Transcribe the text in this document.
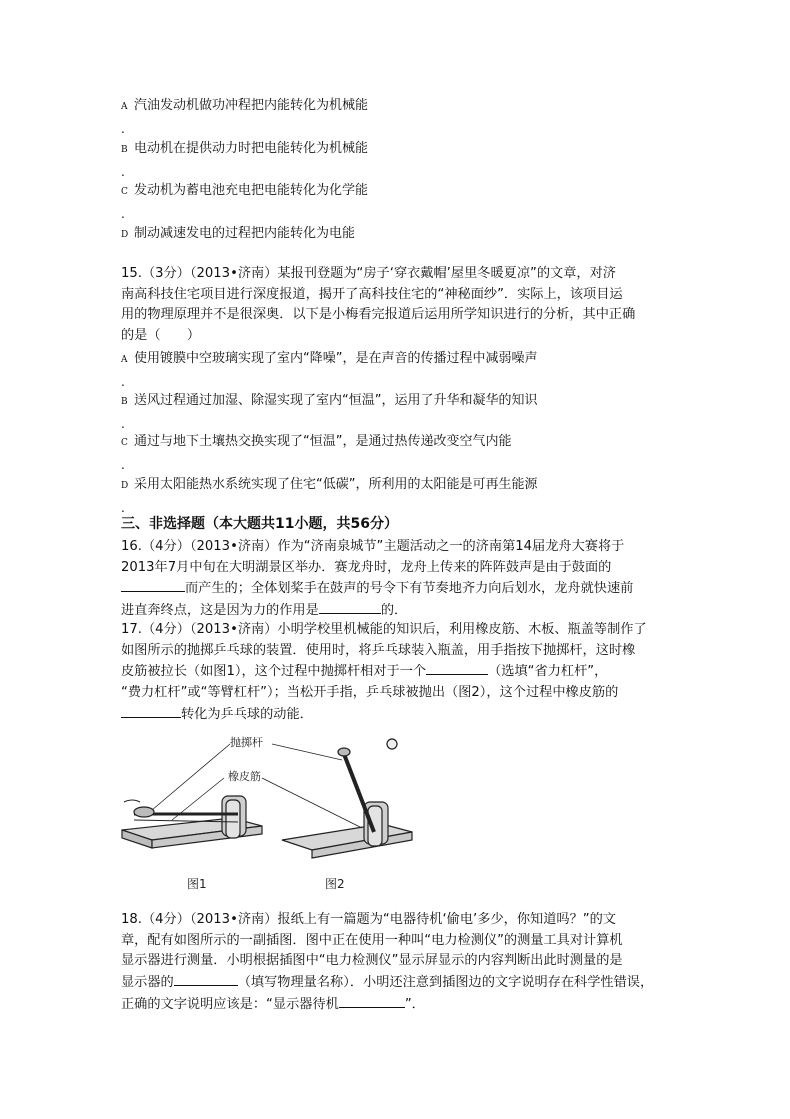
A 汽油发动机做功冲程把内能转化为机械能
.
B 电动机在提供动力时把电能转化为机械能
.
C 发动机为蓄电池充电把电能转化为化学能
.
D 制动减速发电的过程把内能转化为电能
15.（3分）（2013•济南）某报刊登题为“房子‘穿衣戴帽’屋里冬暖夏凉”的文章，对济
南高科技住宅项目进行深度报道，揭开了高科技住宅的“神秘面纱”．实际上，该项目运
用的物理原理并不是很深奥．以下是小梅看完报道后运用所学知识进行的分析，其中正确
的是（　　）
A 使用镀膜中空玻璃实现了室内“降噪”，是在声音的传播过程中减弱噪声
.
B 送风过程通过加湿、除湿实现了室内“恒温”，运用了升华和凝华的知识
.
C 通过与地下土壤热交换实现了“恒温”，是通过热传递改变空气内能
.
D 采用太阳能热水系统实现了住宅“低碳”，所利用的太阳能是可再生能源
.
三、非选择题（本大题共11小题，共56分）
16.（4分）（2013•济南）作为“济南泉城节”主题活动之一的济南第14届龙舟大赛将于
2013年7月中旬在大明湖景区举办．赛龙舟时，龙舟上传来的阵阵鼓声是由于鼓面的
而产生的；全体划桨手在鼓声的号令下有节奏地齐力向后划水，龙舟就快速前
进直奔终点，这是因为力的作用是	的．
17.（4分）（2013•济南）小明学校里机械能的知识后，利用橡皮筋、木板、瓶盖等制作了
如图所示的抛掷乒乓球的装置．使用时，将乒乓球装入瓶盖，用手指按下抛掷杆，这时橡
皮筋被拉长（如图1），这个过程中抛掷杆相对于一个	（选填“省力杠杆”，
“费力杠杆”或“等臂杠杆”）；当松开手指，乒乓球被抛出（图2），这个过程中橡皮筋的
转化为乒乓球的动能．
抛掷杆
橡皮筋
图1	图2
18.（4分）（2013•济南）报纸上有一篇题为“电器待机‘偷电’多少，你知道吗？”的文
章，配有如图所示的一副插图．图中正在使用一种叫“电力检测仪”的测量工具对计算机
显示器进行测量．小明根据插图中“电力检测仪”显示屏显示的内容判断出此时测量的是
显示器的	（填写物理量名称）．小明还注意到插图边的文字说明存在科学性错误，
正确的文字说明应该是：“显示器待机	”．
